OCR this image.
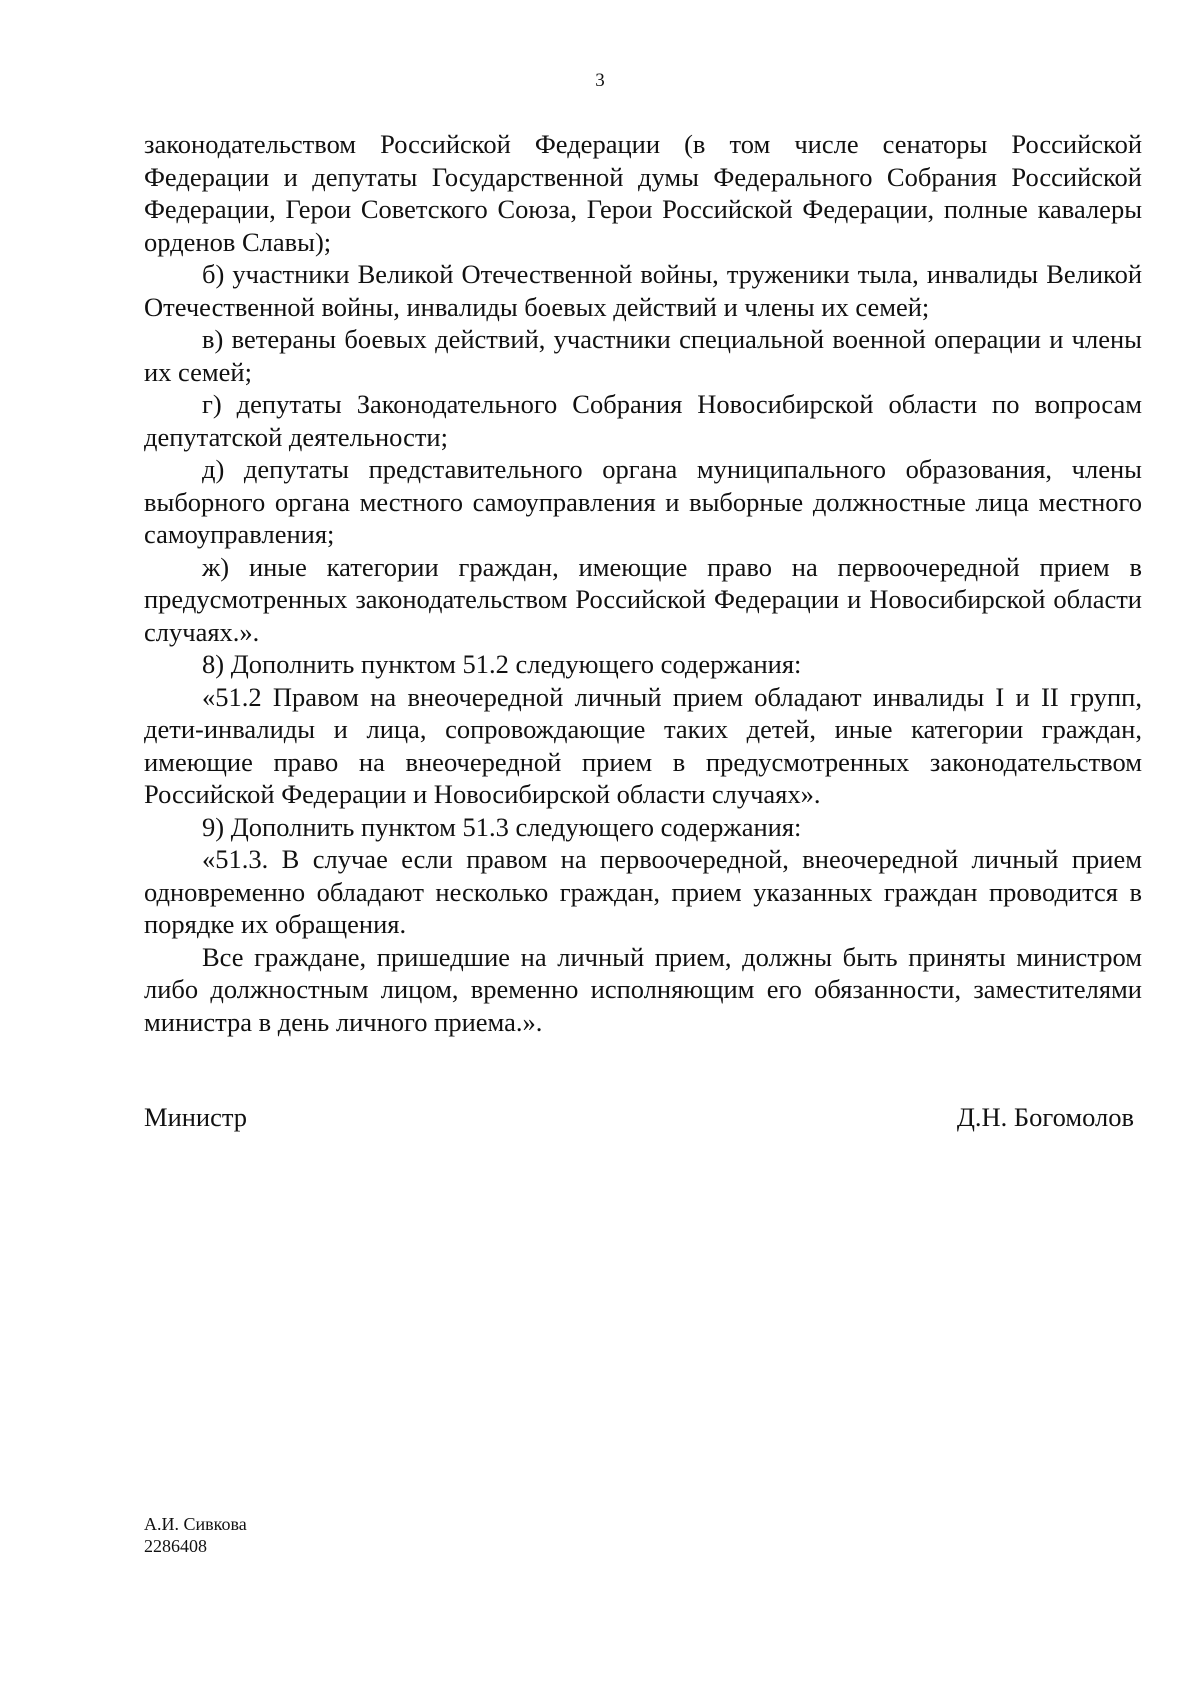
3

законодательством Российской Федерации (в том числе сенаторы Российской Федерации и депутаты Государственной думы Федерального Собрания Российской Федерации, Герои Советского Союза, Герои Российской Федерации, полные кавалеры орденов Славы);

б) участники Великой Отечественной войны, труженики тыла, инвалиды Великой Отечественной войны, инвалиды боевых действий и члены их семей;

в) ветераны боевых действий, участники специальной военной операции и члены их семей;

г) депутаты Законодательного Собрания Новосибирской области по вопросам депутатской деятельности;

д) депутаты представительного органа муниципального образования, члены выборного органа местного самоуправления и выборные должностные лица местного самоуправления;

ж) иные категории граждан, имеющие право на первоочередной прием в предусмотренных законодательством Российской Федерации и Новосибирской области случаях.».

8) Дополнить пунктом 51.2 следующего содержания:

«51.2 Правом на внеочередной личный прием обладают инвалиды I и II групп, дети-инвалиды и лица, сопровождающие таких детей, иные категории граждан, имеющие право на внеочередной прием в предусмотренных законодательством Российской Федерации и Новосибирской области случаях».

9) Дополнить пунктом 51.3 следующего содержания:

«51.3. В случае если правом на первоочередной, внеочередной личный прием одновременно обладают несколько граждан, прием указанных граждан проводится в порядке их обращения.

Все граждане, пришедшие на личный прием, должны быть приняты министром либо должностным лицом, временно исполняющим его обязанности, заместителями министра в день личного приема.».

Министр	Д.Н. Богомолов
А.И. Сивкова
2286408
